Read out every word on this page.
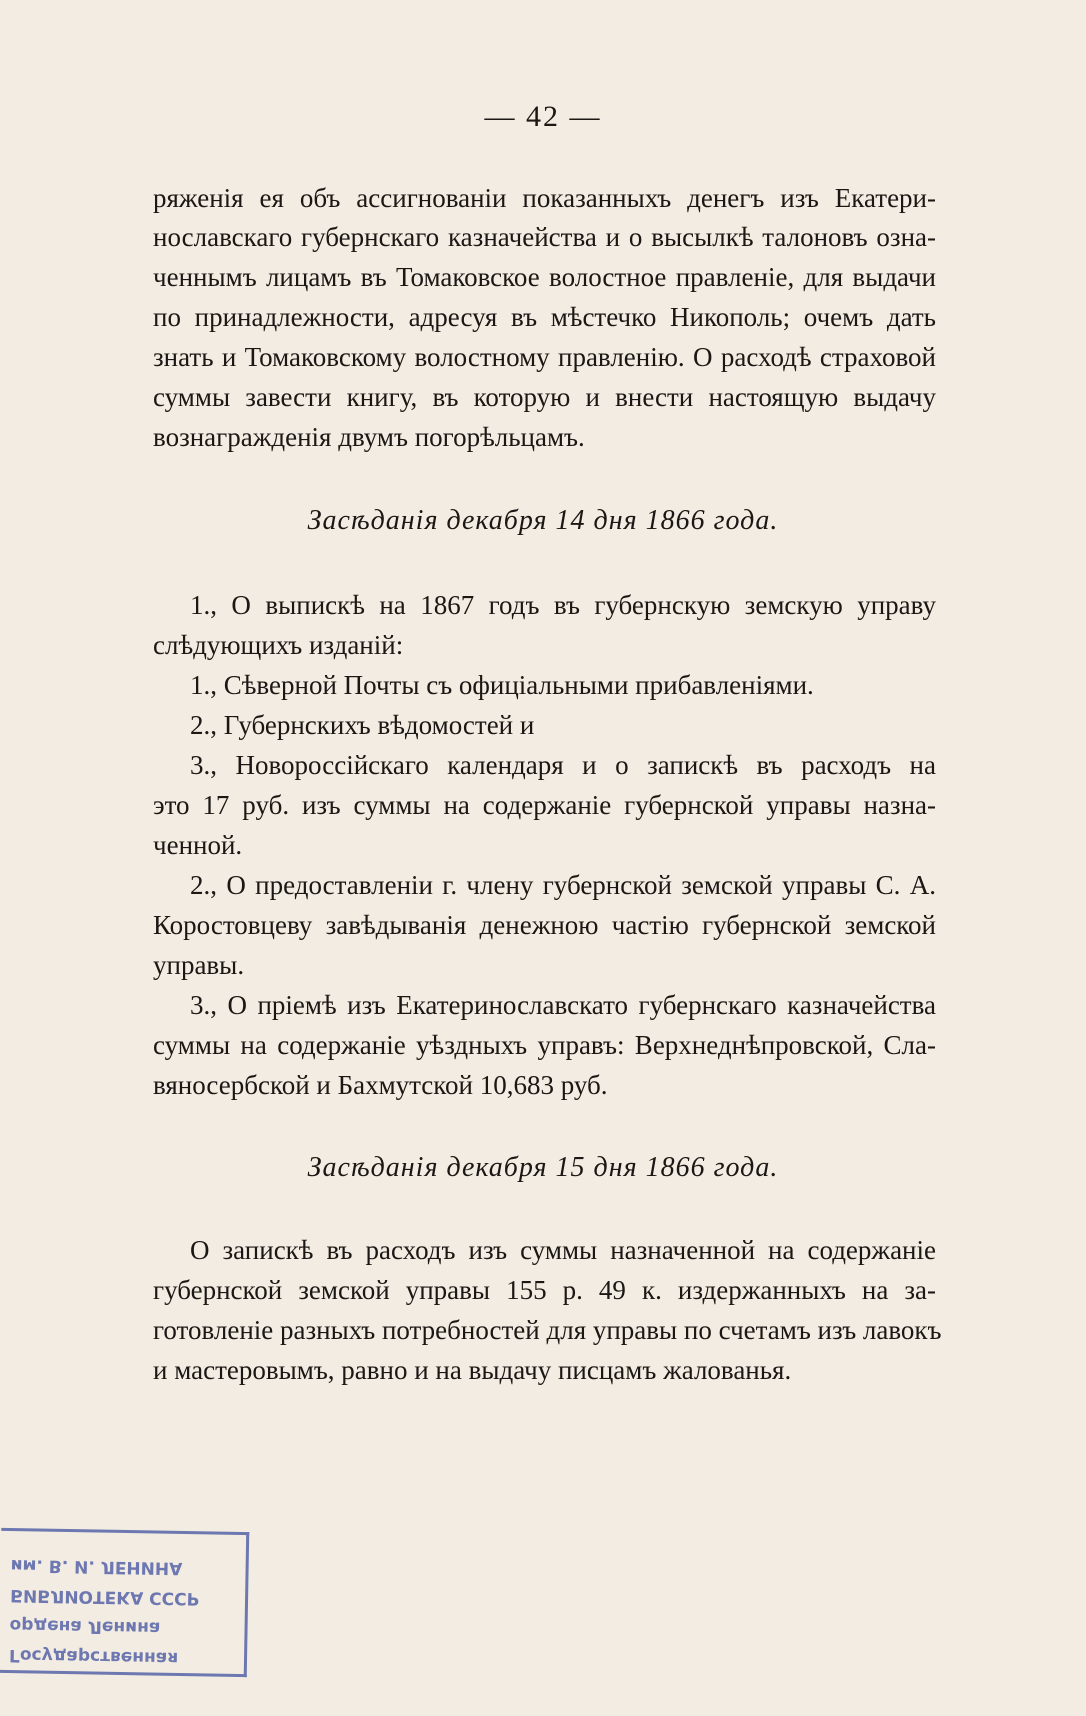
— 42 —
ряженія ея объ ассигнованіи показанныхъ денегъ изъ Екатери-
нославскаго губернскаго казначейства и о высылкѣ талоновъ озна-
ченнымъ лицамъ въ Томаковское волостное правленіе, для выдачи
по принадлежности, адресуя въ мѣстечко Никополь; очемъ дать
знать и Томаковскому волостному правленію. О расходѣ страховой
суммы завести книгу, въ которую и внести настоящую выдачу
вознагражденія двумъ погорѣльцамъ.
Засѣданія декабря 14 дня 1866 года.
1., О выпискѣ на 1867 годъ въ губернскую земскую управу
слѣдующихъ изданій:
1., Сѣверной Почты съ офиціальными прибавленіями.
2., Губернскихъ вѣдомостей и
3., Новороссійскаго календаря и о запискѣ въ расходъ на
это 17 руб. изъ суммы на содержаніе губернской управы назна-
ченной.
2., О предоставленіи г. члену губернской земской управы С. А.
Коростовцеву завѣдыванія денежною частію губернской земской
управы.
3., О пріемѣ изъ Екатеринославскато губернскаго казначейства
суммы на содержаніе уѣздныхъ управъ: Верхнеднѣпровской, Сла-
вяносербской и Бахмутской 10,683 руб.
Засѣданія декабря 15 дня 1866 года.
О запискѣ въ расходъ изъ суммы назначенной на содержаніе
губернской земской управы 155 р. 49 к. издержанныхъ на за-
готовленіе разныхъ потребностей для управы по счетамъ изъ лавокъ
и мастеровымъ, равно и на выдачу писцамъ жалованья.
Государственная
ордена Ленина
БИБЛИОТЕКА СССР
им. В. И. ЛЕНИНА
